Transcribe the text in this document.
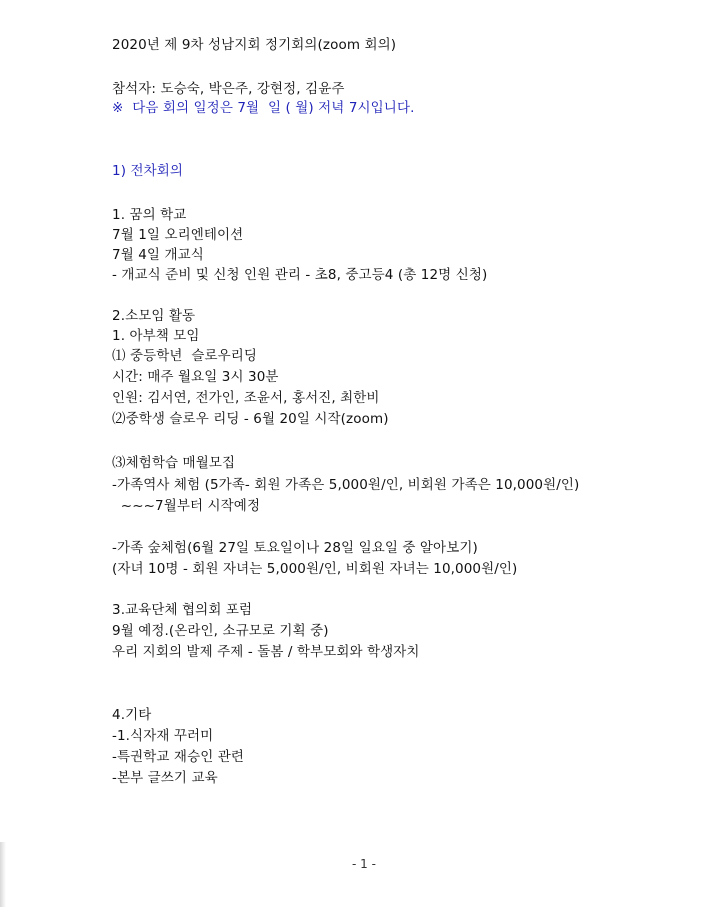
2020년 제 9차 성남지회 정기회의(zoom 회의)
참석자: 도승숙, 박은주, 강현정, 김윤주
※  다음 회의 일정은 7월  일 ( 월) 저녁 7시입니다.
1) 전차회의
1. 꿈의 학교
7월 1일 오리엔테이션
7월 4일 개교식
- 개교식 준비 및 신청 인원 관리 - 초8, 중고등4 (총 12명 신청)
2.소모임 활동
1. 아부책 모임
⑴ 중등학년  슬로우리딩
시간: 매주 월요일 3시 30분
인원: 김서연, 전가인, 조윤서, 홍서진, 최한비
⑵중학생 슬로우 리딩 - 6월 20일 시작(zoom)
⑶체험학습 매월모집
-가족역사 체험 (5가족- 회원 가족은 5,000원/인, 비회원 가족은 10,000원/인)
~~~7월부터 시작예정
-가족 숲체험(6월 27일 토요일이나 28일 일요일 중 알아보기)
(자녀 10명 - 회원 자녀는 5,000원/인, 비회원 자녀는 10,000원/인)
3.교육단체 협의회 포럼
9월 예정.(온라인, 소규모로 기획 중)
우리 지회의 발제 주제 - 돌봄 / 학부모회와 학생자치
4.기타
-1.식자재 꾸러미
-특권학교 재승인 관련
-본부 글쓰기 교육
- 1 -
